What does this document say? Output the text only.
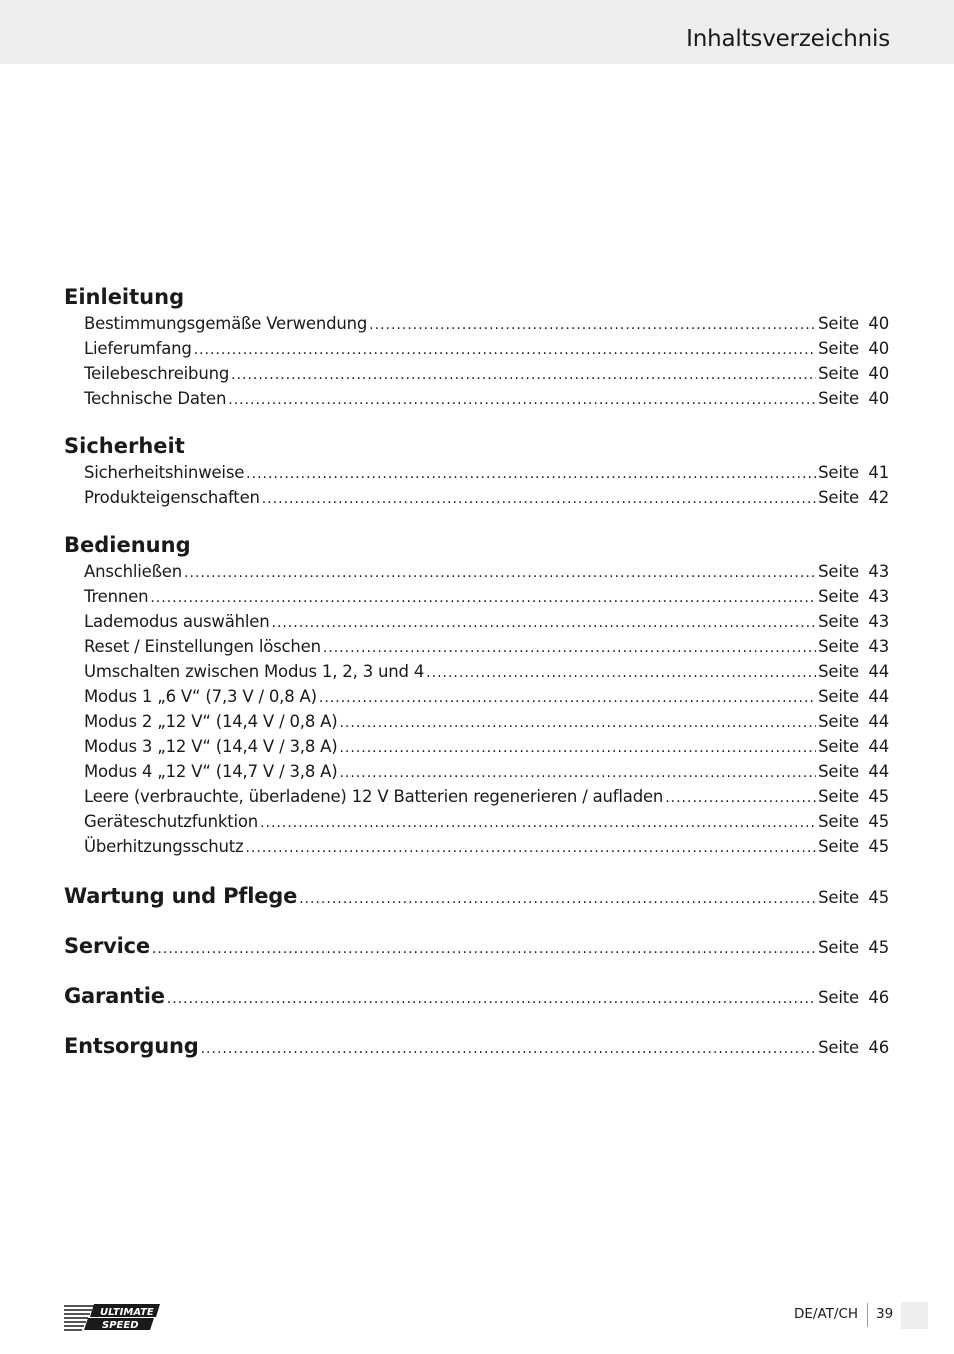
Inhaltsverzeichnis
Einleitung
Bestimmungsgemäße Verwendung .....	Seite 40
Lieferumfang .....	Seite 40
Teilebeschreibung .....	Seite 40
Technische Daten .....	Seite 40
Sicherheit
Sicherheitshinweise .....	Seite 41
Produkteigenschaften .....	Seite 42
Bedienung
Anschließen .....	Seite 43
Trennen .....	Seite 43
Lademodus auswählen .....	Seite 43
Reset / Einstellungen löschen .....	Seite 43
Umschalten zwischen Modus 1, 2, 3 und 4 .....	Seite 44
Modus 1 „6 V“ (7,3 V / 0,8 A) .....	Seite 44
Modus 2 „12 V“ (14,4 V / 0,8 A) .....	Seite 44
Modus 3 „12 V“ (14,4 V / 3,8 A) .....	Seite 44
Modus 4 „12 V“ (14,7 V / 3,8 A) .....	Seite 44
Leere (verbrauchte, überladene) 12 V Batterien regenerieren / aufladen .....	Seite 45
Geräteschutzfunktion .....	Seite 45
Überhitzungsschutz .....	Seite 45
Wartung und Pflege .....	Seite 45
Service .....	Seite 45
Garantie .....	Seite 46
Entsorgung .....	Seite 46
ULTIMATE
SPEED
DE/AT/CH 39
